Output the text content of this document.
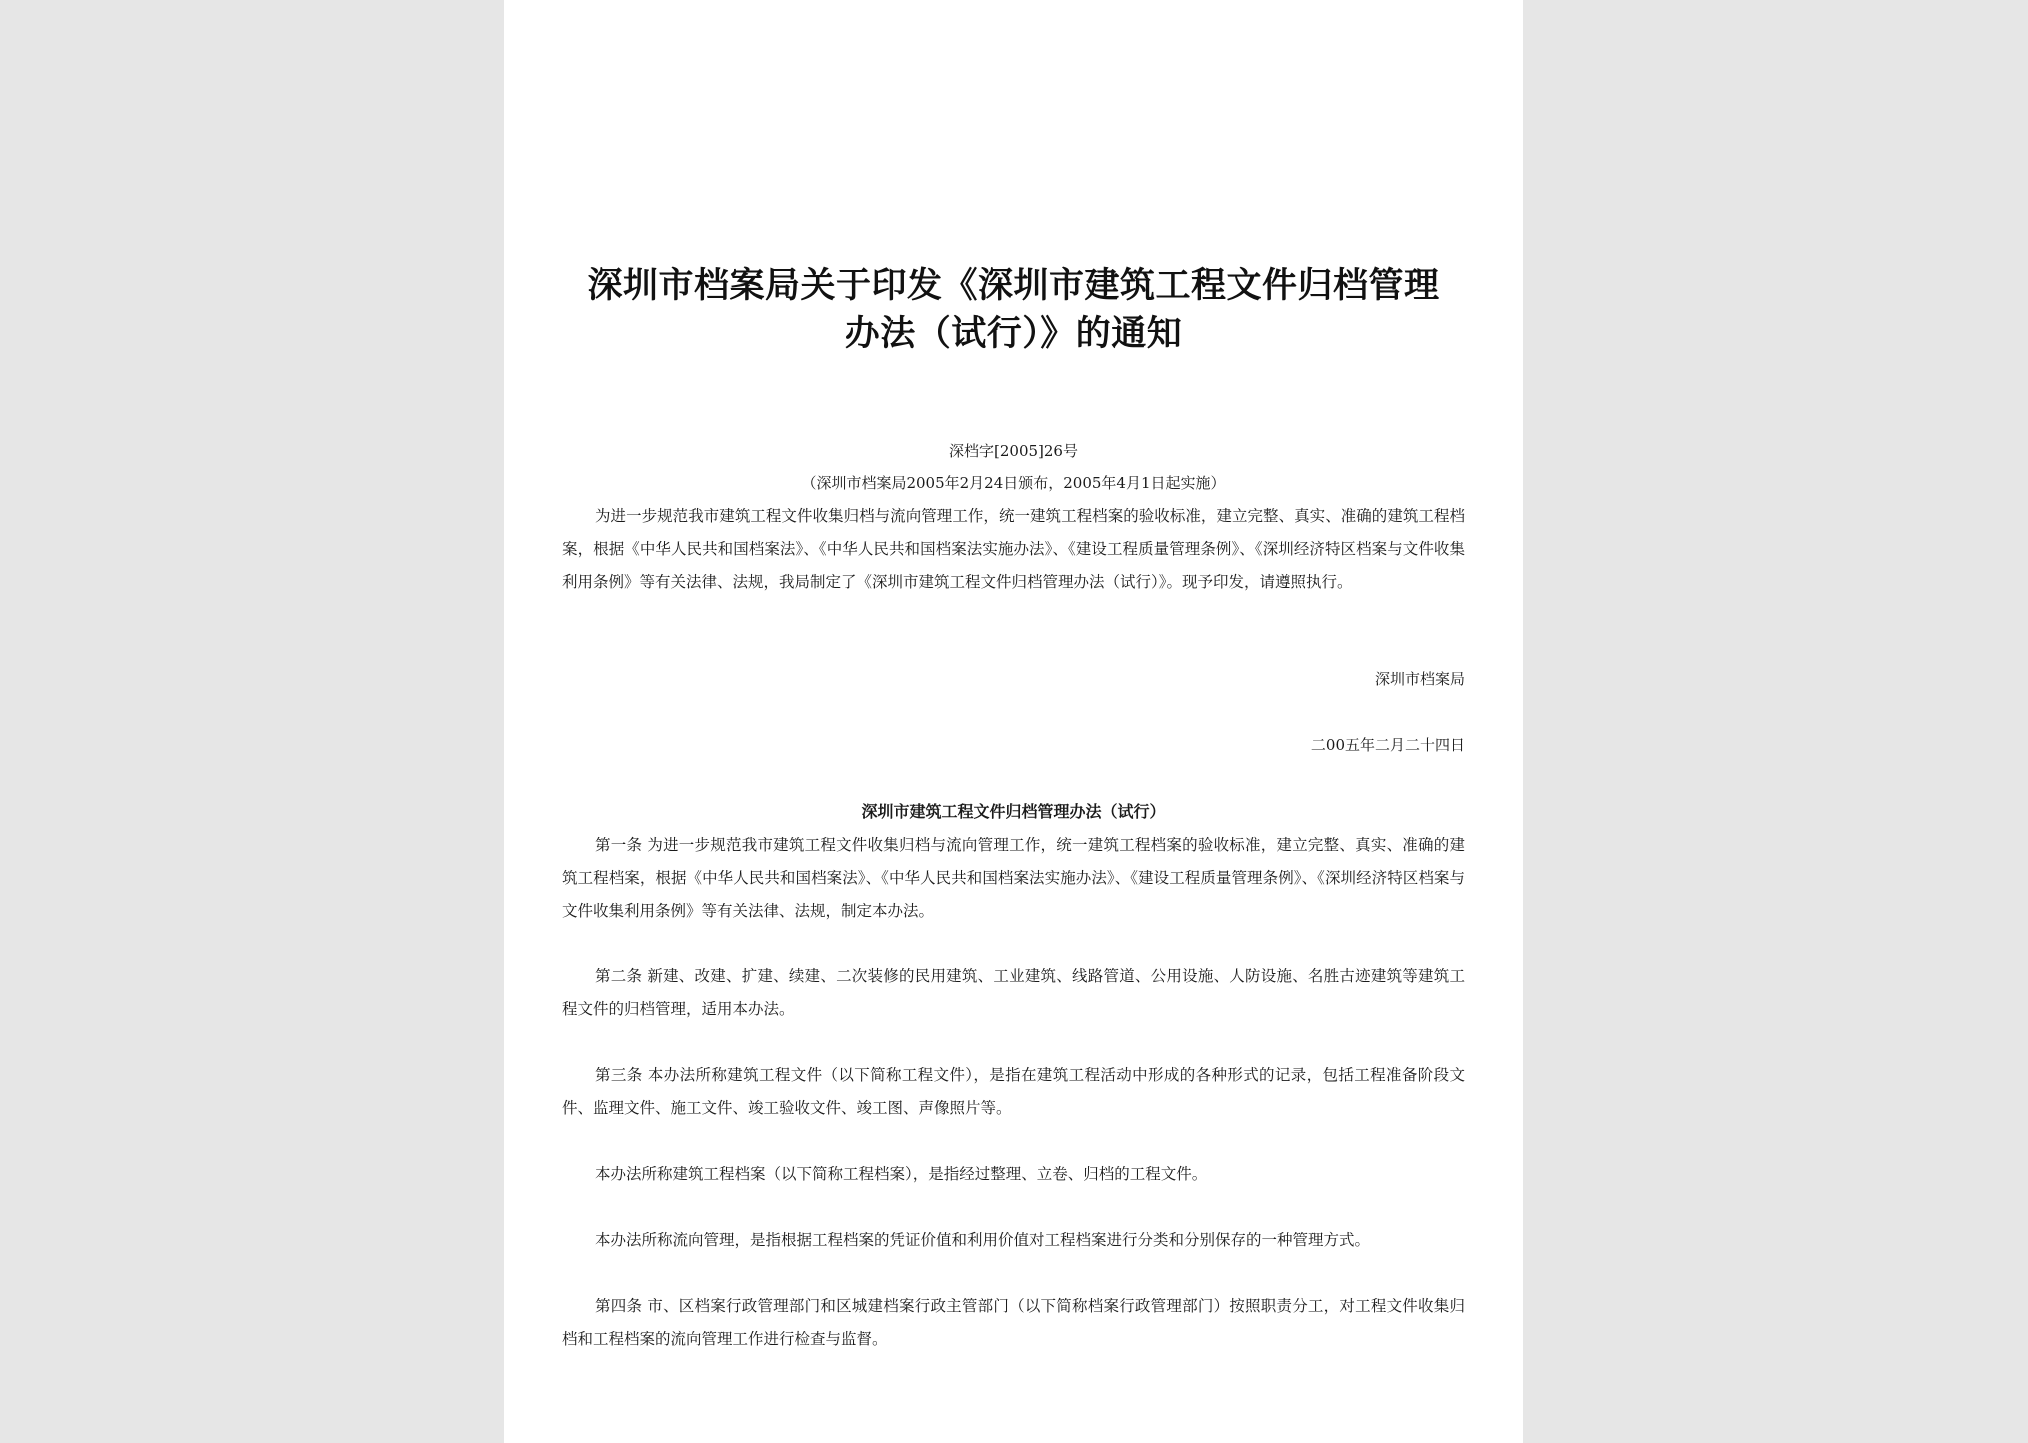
深圳市档案局关于印发《深圳市建筑工程文件归档管理
办法（试行）》的通知
深档字[2005]26号
（深圳市档案局2005年2月24日颁布，2005年4月1日起实施）
为进一步规范我市建筑工程文件收集归档与流向管理工作，统一建筑工程档案的验收标准，建立完整、真实、准确的建筑工程档案，根据《中华人民共和国档案法》、《中华人民共和国档案法实施办法》、《建设工程质量管理条例》、《深圳经济特区档案与文件收集利用条例》等有关法律、法规，我局制定了《深圳市建筑工程文件归档管理办法（试行）》。现予印发，请遵照执行。
深圳市档案局
二00五年二月二十四日
深圳市建筑工程文件归档管理办法（试行）
第一条 为进一步规范我市建筑工程文件收集归档与流向管理工作，统一建筑工程档案的验收标准，建立完整、真实、准确的建筑工程档案，根据《中华人民共和国档案法》、《中华人民共和国档案法实施办法》、《建设工程质量管理条例》、《深圳经济特区档案与文件收集利用条例》等有关法律、法规，制定本办法。
第二条 新建、改建、扩建、续建、二次装修的民用建筑、工业建筑、线路管道、公用设施、人防设施、名胜古迹建筑等建筑工程文件的归档管理，适用本办法。
第三条 本办法所称建筑工程文件（以下简称工程文件），是指在建筑工程活动中形成的各种形式的记录，包括工程准备阶段文件、监理文件、施工文件、竣工验收文件、竣工图、声像照片等。
本办法所称建筑工程档案（以下简称工程档案），是指经过整理、立卷、归档的工程文件。
本办法所称流向管理，是指根据工程档案的凭证价值和利用价值对工程档案进行分类和分别保存的一种管理方式。
第四条 市、区档案行政管理部门和区城建档案行政主管部门（以下简称档案行政管理部门）按照职责分工，对工程文件收集归档和工程档案的流向管理工作进行检查与监督。
